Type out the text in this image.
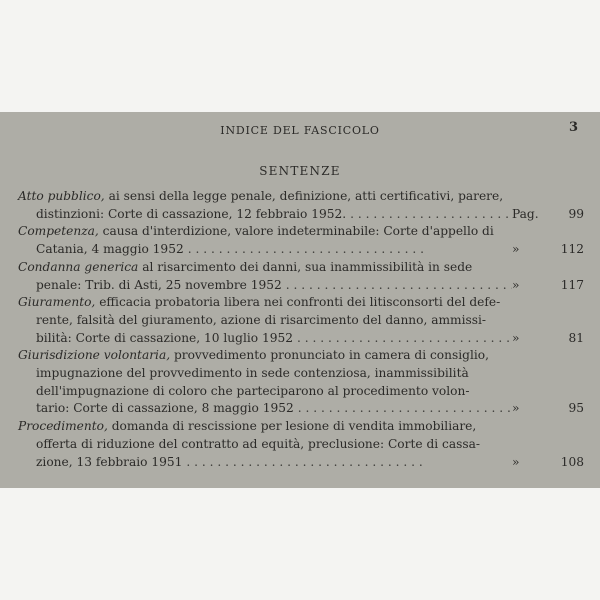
INDICE DEL FASCICOLO	3
SENTENZE
Atto pubblico,
ai sensi della legge penale, definizione, atti certificativi, parere,
distinzioni: Corte di cassazione, 12 febbraio 1952. . .	Pag.	99
Competenza,
causa d'interdizione, valore indeterminabile: Corte d'appello di
Catania, 4 maggio 1952 . .	»	112
Condanna generica
al risarcimento dei danni, sua inammissibilità in sede
penale: Trib. di Asti, 25 novembre 1952 . .	»	117
Giuramento,
efficacia probatoria libera nei confronti dei litisconsorti del defe-
rente, falsità del giuramento, azione di risarcimento del danno, ammissi-
bilità: Corte di cassazione, 10 luglio 1952 . .	»	81
Giurisdizione volontaria,
provvedimento pronunciato in camera di consiglio,
impugnazione del provvedimento in sede contenziosa, inammissibilità
dell'impugnazione di coloro che parteciparono al procedimento volon-
tario: Corte di cassazione, 8 maggio 1952 . .	»	95
Procedimento,
domanda di rescissione per lesione di vendita immobiliare,
offerta di riduzione del contratto ad equità, preclusione: Corte di cassa-
zione, 13 febbraio 1951 . .	»	108
